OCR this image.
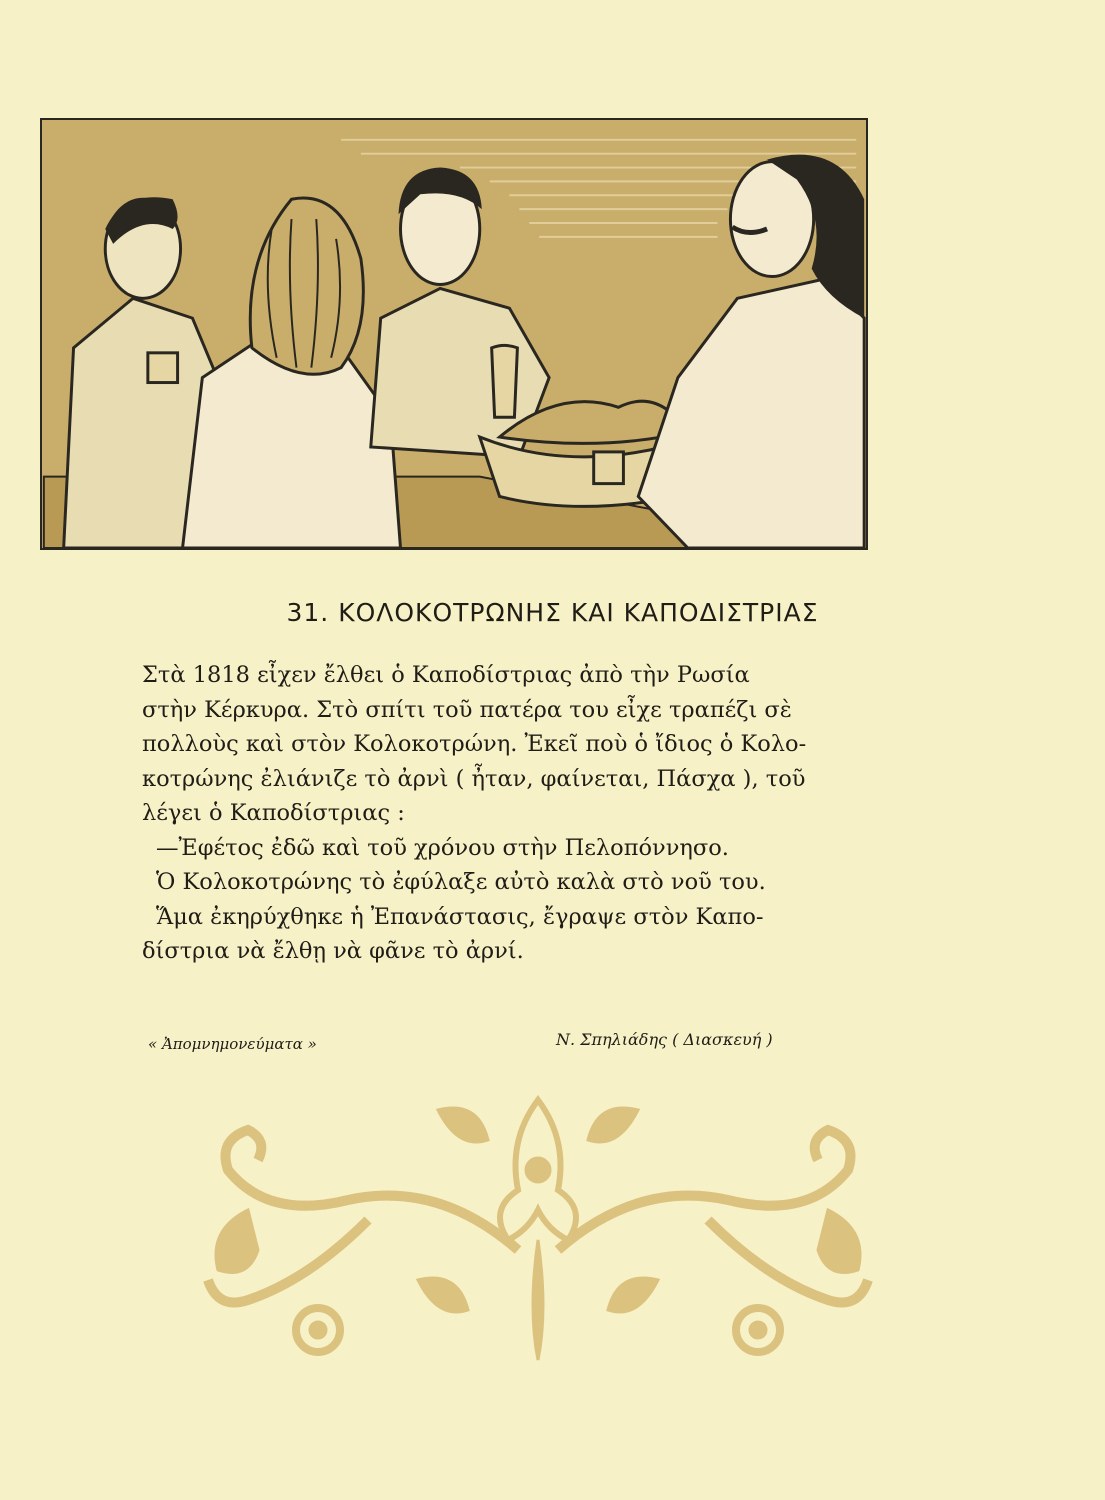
31. ΚΟΛΟΚΟΤΡΩΝΗΣ ΚΑΙ ΚΑΠΟΔΙΣΤΡΙΑΣ
Στὰ 1818 εἶχεν ἔλθει ὁ Καποδίστριας ἀπὸ τὴν Ρωσία
στὴν Κέρκυρα. Στὸ σπίτι τοῦ πατέρα του εἶχε τραπέζι σὲ
πολλοὺς καὶ στὸν Κολοκοτρώνη. Ἐκεῖ ποὺ ὁ ἴδιος ὁ Κολο-
κοτρώνης ἐλιάνιζε τὸ ἀρνὶ ( ἦταν, φαίνεται, Πάσχα ), τοῦ
λέγει ὁ Καποδίστριας :
—Ἐφέτος ἐδῶ καὶ τοῦ χρόνου στὴν Πελοπόννησο.
Ὁ Κολοκοτρώνης τὸ ἐφύλαξε αὐτὸ καλὰ στὸ νοῦ του.
Ἅμα ἐκηρύχθηκε ἡ Ἐπανάστασις, ἔγραψε στὸν Καπο-
δίστρια νὰ ἔλθῃ νὰ φᾶνε τὸ ἀρνί.
« Ἀπομνημονεύματα »	Ν. Σπηλιάδης ( Διασκευή )
